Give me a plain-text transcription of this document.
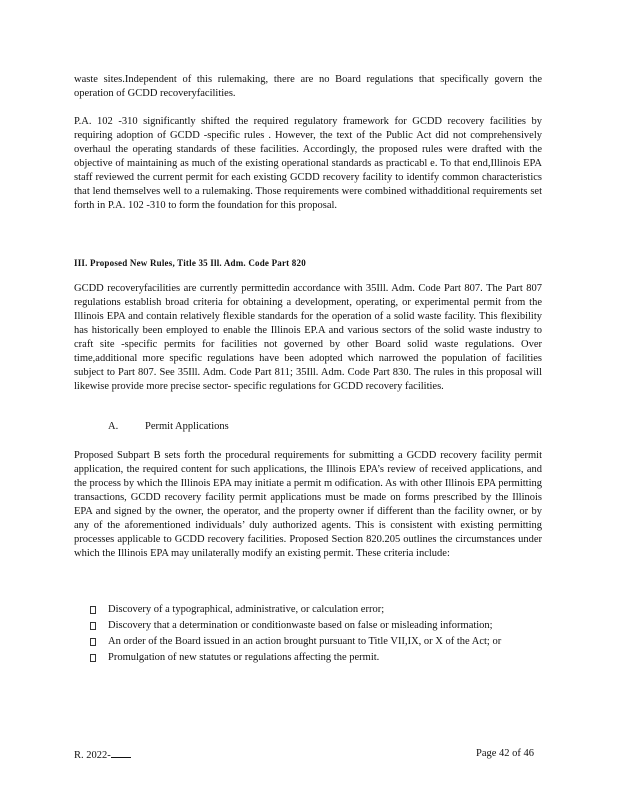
waste sites.Independent of this rulemaking, there are no Board regulations that specifically govern the operation of GCDD recoveryfacilities.

P.A. 102 -310 significantly shifted the required regulatory framework for GCDD recovery facilities by requiring adoption of GCDD -specific rules . However, the text of the Public Act did not comprehensively overhaul the operating standards of these facilities. Accordingly, the proposed rules were drafted with the objective of maintaining as much of the existing operational standards as practicabl e. To that end,Illinois EPA staff reviewed the current permit for each existing GCDD recovery facility to identify common characteristics that lend themselves well to a rulemaking. Those requirements were combined withadditional requirements set forth in P.A. 102 -310 to form the foundation for this proposal.

III. Proposed New Rules, Title 35 Ill. Adm. Code Part 820

GCDD recoveryfacilities are currently permittedin accordance with 35Ill. Adm. Code Part 807. The Part 807 regulations establish broad criteria for obtaining a development, operating, or experimental permit from the Illinois EPA and contain relatively flexible standards for the operation of a solid waste facility. This flexibility has historically been employed to enable the Illinois EP.A and various sectors of the solid waste industry to craft site -specific permits for facilities not governed by other Board solid waste regulations. Over time,additional more specific regulations have been adopted which narrowed the population of facilities subject to Part 807. See 35Ill. Adm. Code Part 811; 35Ill. Adm. Code Part 830. The rules in this proposal will likewise provide more precise sector- specific regulations for GCDD recovery facilities.

A.	Permit Applications

Proposed Subpart B sets forth the procedural requirements for submitting a GCDD recovery facility permit application, the required content for such applications, the Illinois EPA’s review of received applications, and the process by which the Illinois EPA may initiate a permit m odification. As with other Illinois EPA permitting transactions, GCDD recovery facility permit applications must be made on forms prescribed by the Illinois EPA and signed by the owner, the operator, and the property owner if different than the facility owner, or by any of the aforementioned individuals’ duly authorized agents. This is consistent with existing permitting processes applicable to GCDD recovery facilities. Proposed Section 820.205 outlines the circumstances under which the Illinois EPA may unilaterally modify an existing permit. These criteria include:

Discovery of a typographical, administrative, or calculation error;
Discovery that a determination or conditionwaste based on false or misleading information;
An order of the Board issued in an action brought pursuant to Title VII,IX, or X of the Act; or
Promulgation of new statutes or regulations affecting the permit.
R. 2022-	Page 42 of 46
